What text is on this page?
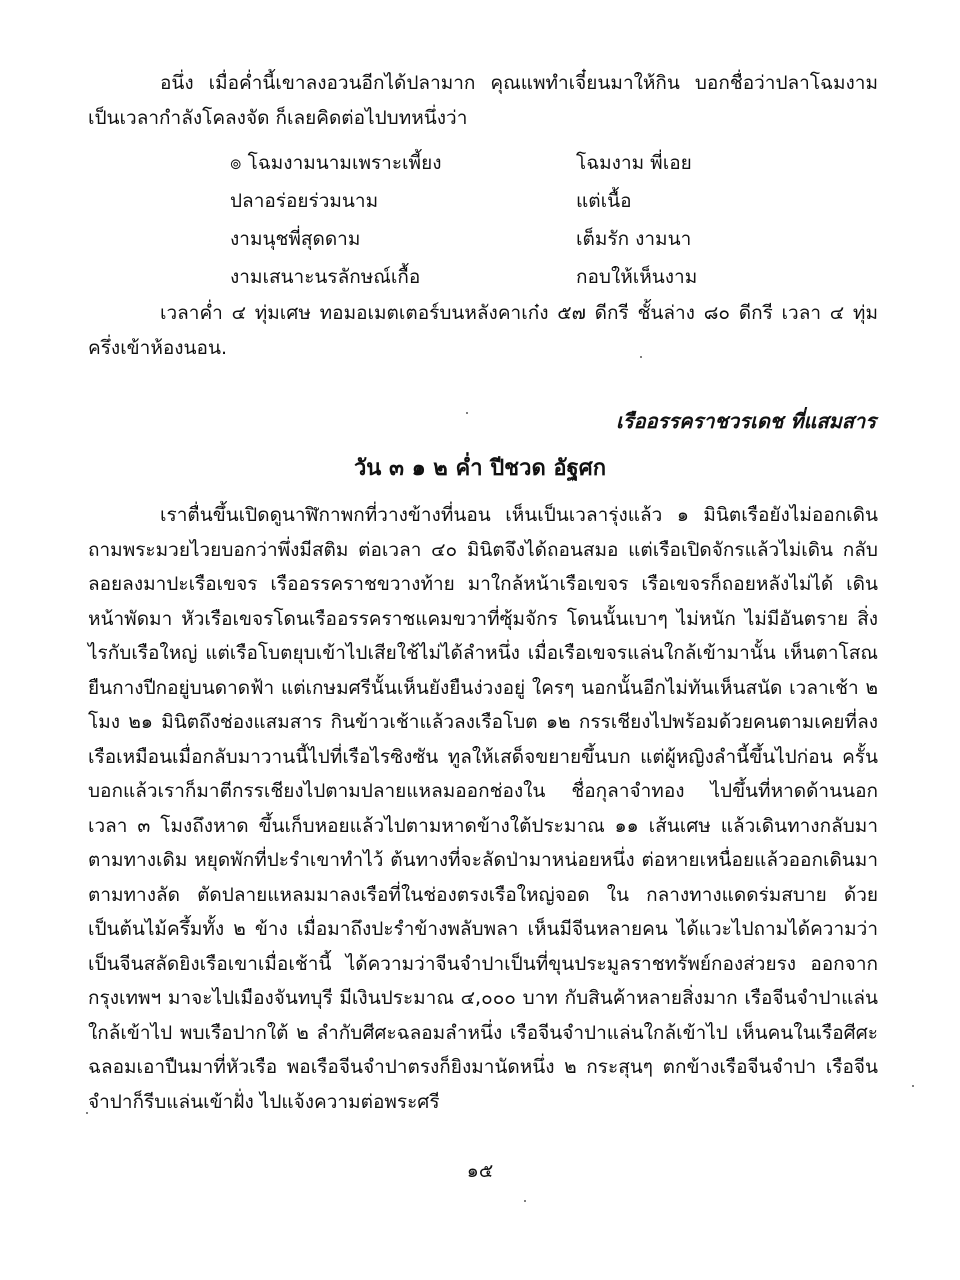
อนึ่ง เมื่อค่ำนี้เขาลงอวนอีกได้ปลามาก คุณแพทำเจี๋ยนมาให้กิน บอกชื่อว่าปลาโฉมงาม เป็นเวลากำลังโคลงจัด ก็เลยคิดต่อไปบทหนึ่งว่า

๏ โฉมงามนามเพราะเพี้ยง	โฉมงาม พี่เอย
ปลาอร่อยร่วมนาม	แต่เนื้อ
งามนุชพี่สุดดาม	เต็มรัก งามนา
งามเสนาะนรลักษณ์เกื้อ	กอบให้เห็นงาม

เวลาค่ำ ๔ ทุ่มเศษ ทอมอเมตเตอร์บนหลังคาเก๋ง ๕๗ ดีกรี ชั้นล่าง ๘๐ ดีกรี เวลา ๔ ทุ่มครึ่งเข้าห้องนอน.

เรืออรรคราชวรเดช ที่แสมสาร
วัน ๓ ๑ ๒ ค่ำ ปีชวด อัฐศก

เราตื่นขึ้นเปิดดูนาฬิกาพกที่วางข้างที่นอน เห็นเป็นเวลารุ่งแล้ว ๑ มินิตเรือยังไม่ออกเดิน ถามพระมวยไวยบอกว่าพึ่งมีสติม ต่อเวลา ๔๐ มินิตจึงได้ถอนสมอ แต่เรือเปิดจักรแล้วไม่เดิน กลับลอยลงมาปะเรือเขจร เรืออรรคราชขวางท้าย มาใกล้หน้าเรือเขจร เรือเขจรก็ถอยหลังไม่ได้ เดินหน้าพัดมา หัวเรือเขจรโดนเรืออรรคราชแคมขวาที่ซุ้มจักร โดนนั้นเบาๆ ไม่หนัก ไม่มีอันตราย สิ่งไรกับเรือใหญ่ แต่เรือโบตยุบเข้าไปเสียใช้ไม่ได้ลำหนึ่ง เมื่อเรือเขจรแล่นใกล้เข้ามานั้น เห็นตาโสณยืนกางปีกอยู่บนดาดฟ้า แต่เกษมศรีนั้นเห็นยังยืนง่วงอยู่ ใครๆ นอกนั้นอีกไม่ทันเห็นสนัด เวลาเช้า ๒ โมง ๒๑ มินิตถึงช่องแสมสาร กินข้าวเช้าแล้วลงเรือโบต ๑๒ กรรเชียงไปพร้อมด้วยคนตามเคยที่ลงเรือเหมือนเมื่อกลับมาวานนี้ไปที่เรือไรซิงซัน ทูลให้เสด็จขยายขึ้นบก แต่ผู้หญิงลำนี้ขึ้นไปก่อน ครั้นบอกแล้วเราก็มาตีกรรเชียงไปตามปลายแหลมออกช่องใน ชื่อกุลาจำทอง ไปขึ้นที่หาดด้านนอก เวลา ๓ โมงถึงหาด ขึ้นเก็บหอยแล้วไปตามหาดข้างใต้ประมาณ ๑๑ เส้นเศษ แล้วเดินทางกลับมาตามทางเดิม หยุดพักที่ปะรำเขาทำไว้ ต้นทางที่จะลัดป่ามาหน่อยหนึ่ง ต่อหายเหนื่อยแล้วออกเดินมาตามทางลัด ตัดปลายแหลมมาลงเรือที่ในช่องตรงเรือใหญ่จอด ใน กลางทางแดดร่มสบาย ด้วยเป็นต้นไม้ครึ้มทั้ง ๒ ข้าง เมื่อมาถึงปะรำข้างพลับพลา เห็นมีจีนหลายคน ได้แวะไปถามได้ความว่า เป็นจีนสลัดยิงเรือเขาเมื่อเช้านี้ ได้ความว่าจีนจำปาเป็นที่ขุนประมูลราชทรัพย์กองส่วยรง ออกจากกรุงเทพฯ มาจะไปเมืองจันทบุรี มีเงินประมาณ ๔,๐๐๐ บาท กับสินค้าหลายสิ่งมาก เรือจีนจำปาแล่นใกล้เข้าไป พบเรือปากใต้ ๒ ลำกับศีศะฉลอมลำหนึ่ง เรือจีนจำปาแล่นใกล้เข้าไป เห็นคนในเรือศีศะฉลอมเอาปืนมาที่หัวเรือ พอเรือจีนจำปาตรงก็ยิงมานัดหนึ่ง ๒ กระสุนๆ ตกข้างเรือจีนจำปา เรือจีนจำปาก็รีบแล่นเข้าฝั่ง ไปแจ้งความต่อพระศรี

๑๕
